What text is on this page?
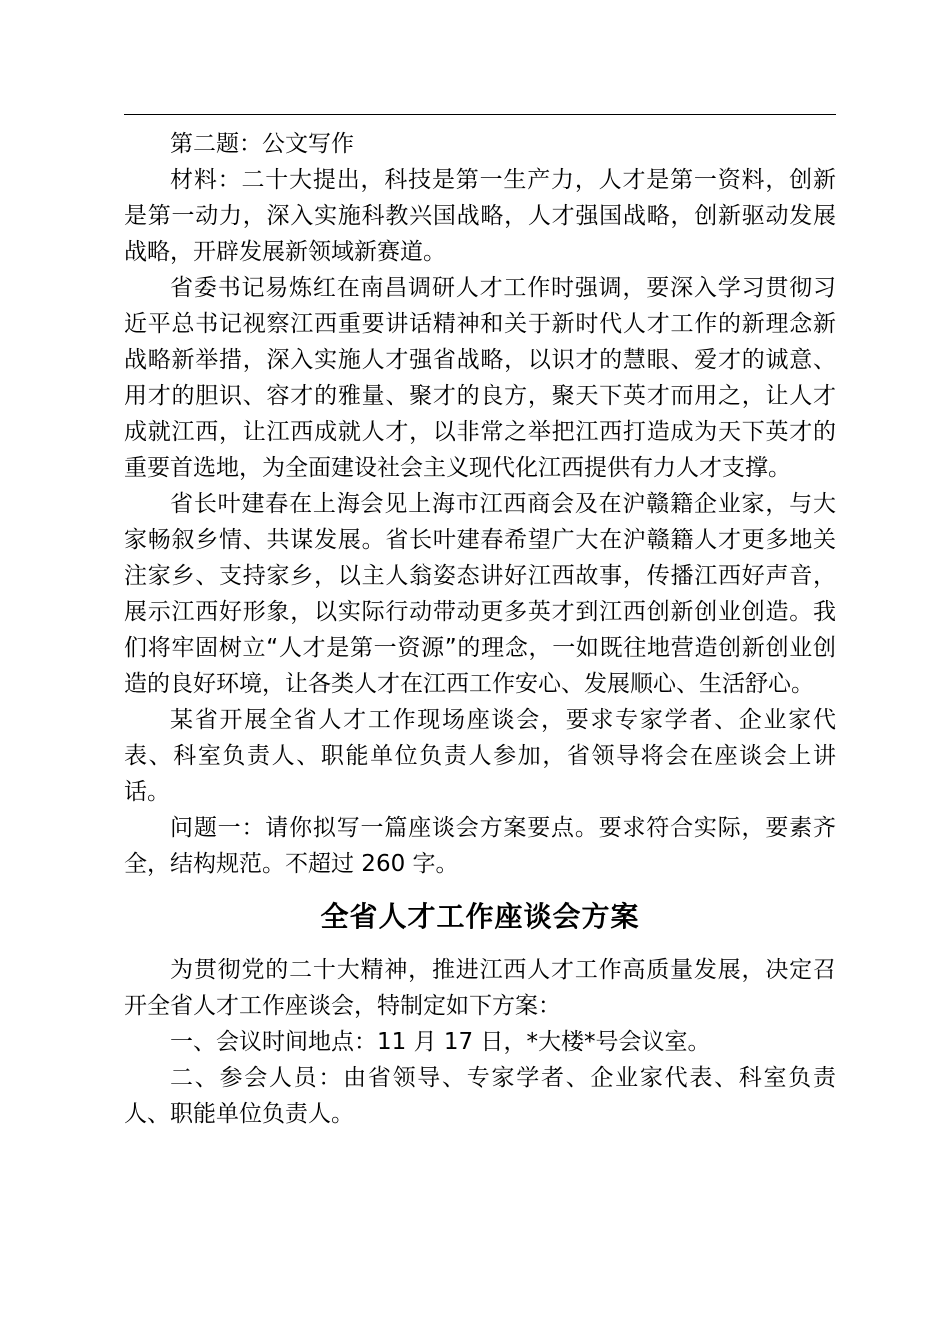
第二题：公文写作

材料：二十大提出，科技是第一生产力，人才是第一资料，创新是第一动力，深入实施科教兴国战略，人才强国战略，创新驱动发展战略，开辟发展新领域新赛道。

省委书记易炼红在南昌调研人才工作时强调，要深入学习贯彻习近平总书记视察江西重要讲话精神和关于新时代人才工作的新理念新战略新举措，深入实施人才强省战略，以识才的慧眼、爱才的诚意、用才的胆识、容才的雅量、聚才的良方，聚天下英才而用之，让人才成就江西，让江西成就人才，以非常之举把江西打造成为天下英才的重要首选地，为全面建设社会主义现代化江西提供有力人才支撑。

省长叶建春在上海会见上海市江西商会及在沪赣籍企业家，与大家畅叙乡情、共谋发展。省长叶建春希望广大在沪赣籍人才更多地关注家乡、支持家乡，以主人翁姿态讲好江西故事，传播江西好声音，展示江西好形象，以实际行动带动更多英才到江西创新创业创造。我们将牢固树立“人才是第一资源”的理念，一如既往地营造创新创业创造的良好环境，让各类人才在江西工作安心、发展顺心、生活舒心。

某省开展全省人才工作现场座谈会，要求专家学者、企业家代表、科室负责人、职能单位负责人参加，省领导将会在座谈会上讲话。

问题一：请你拟写一篇座谈会方案要点。要求符合实际，要素齐全，结构规范。不超过 260 字。

全省人才工作座谈会方案

为贯彻党的二十大精神，推进江西人才工作高质量发展，决定召开全省人才工作座谈会，特制定如下方案：

一、会议时间地点：11 月 17 日，*大楼*号会议室。

二、参会人员：由省领导、专家学者、企业家代表、科室负责人、职能单位负责人。
